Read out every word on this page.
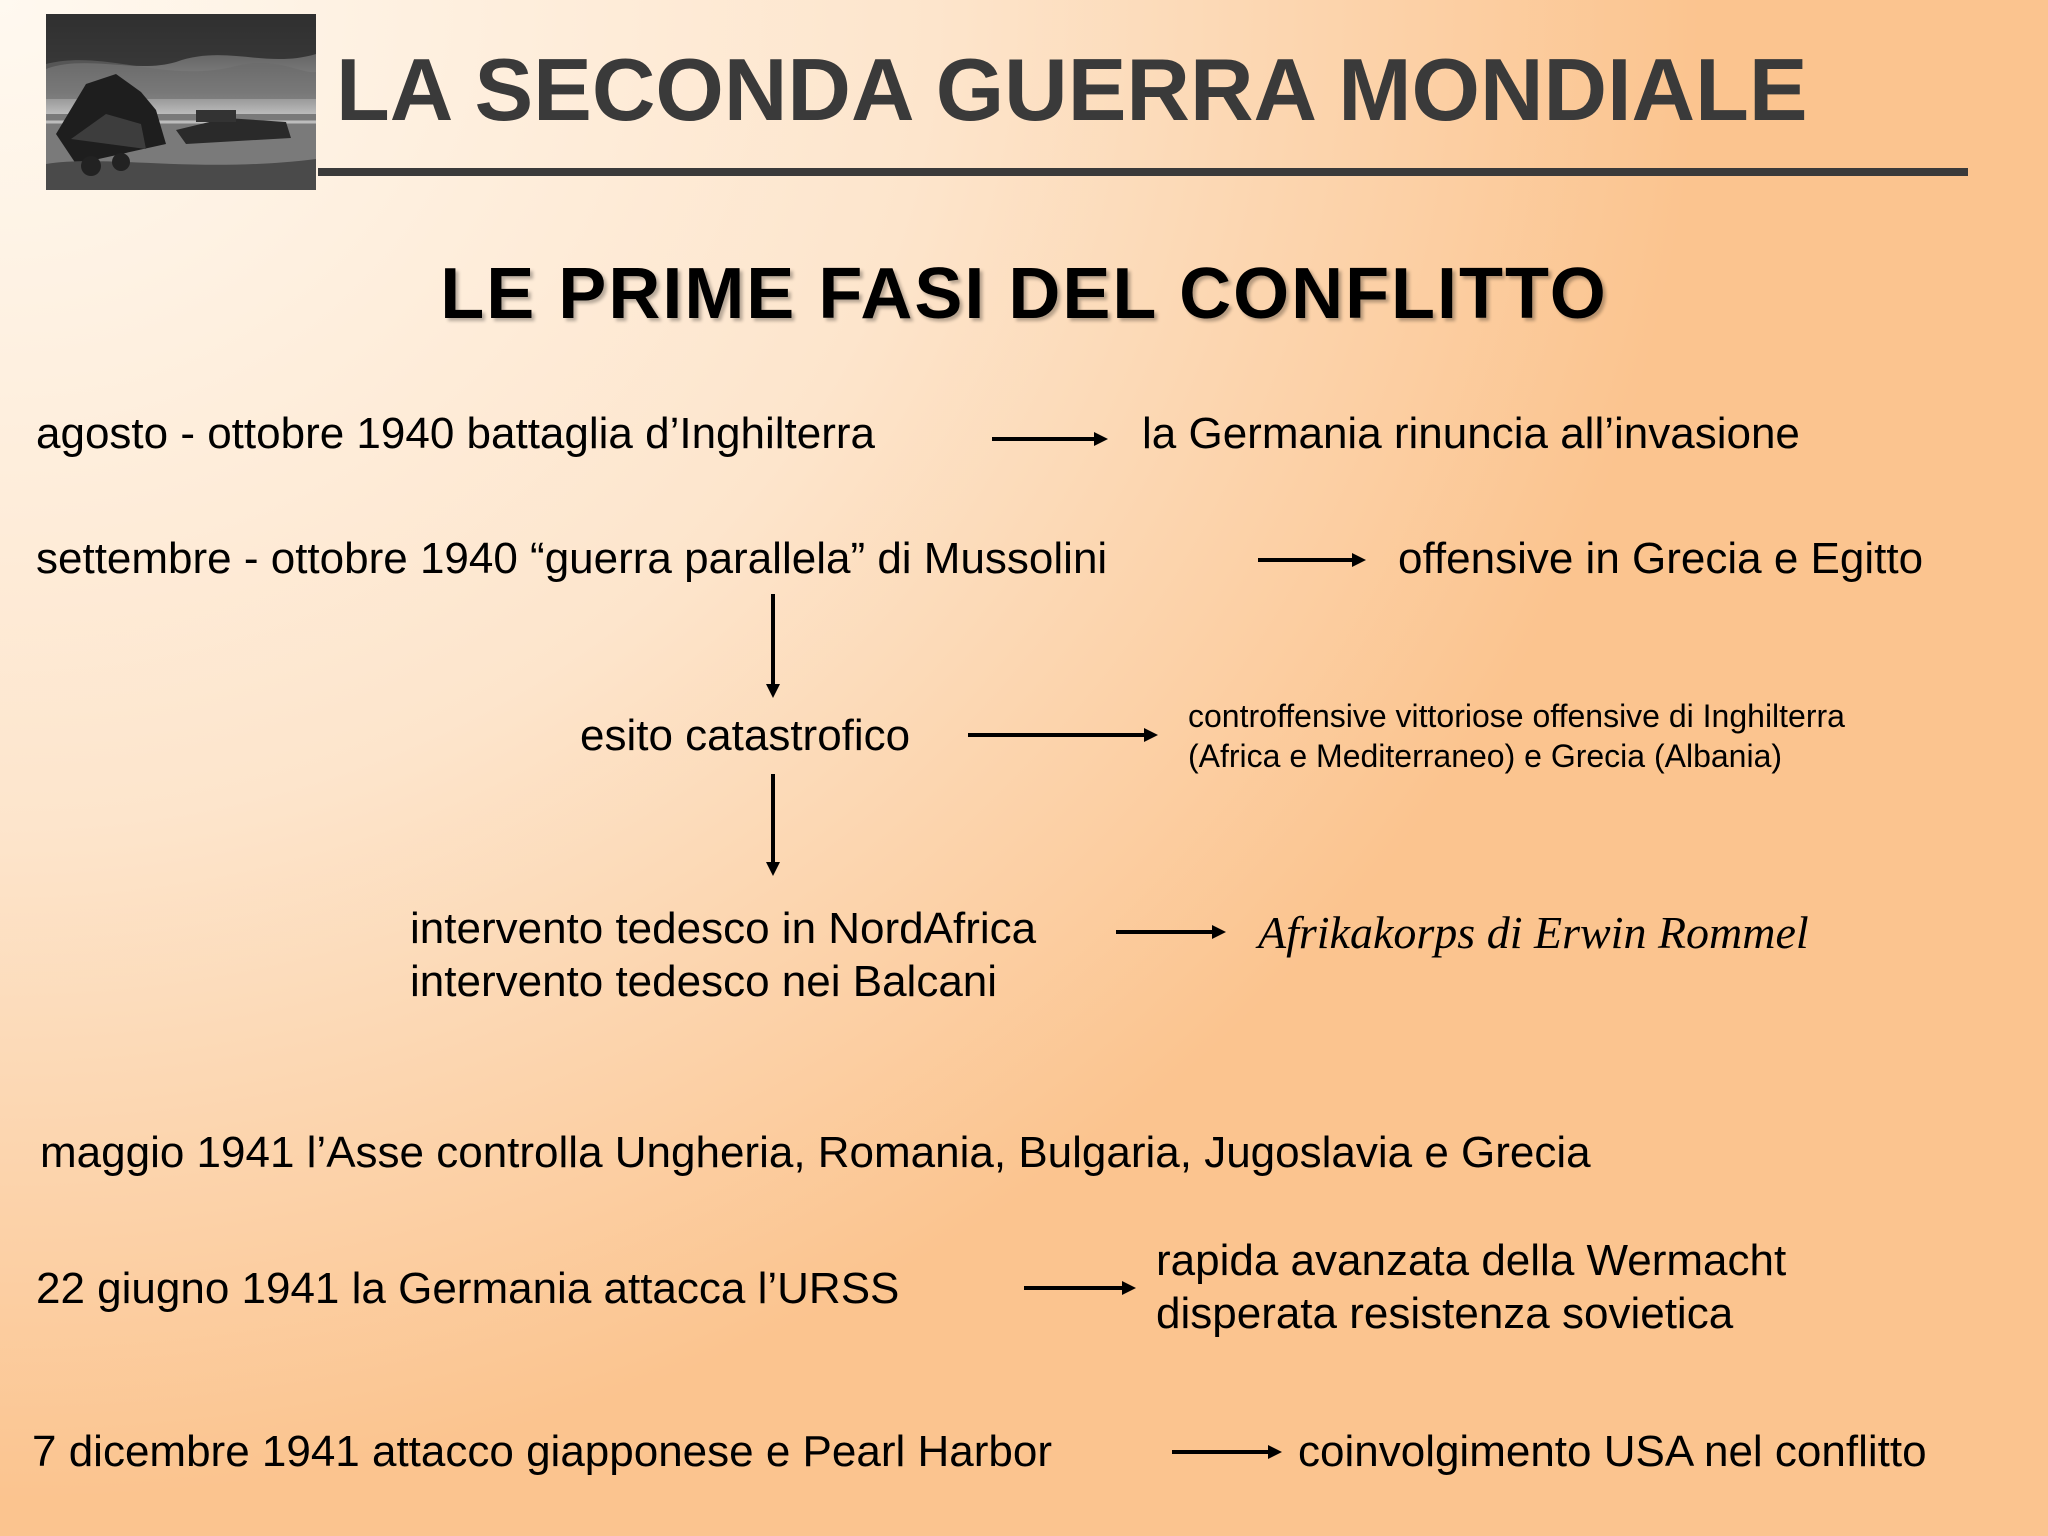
LA SECONDA GUERRA MONDIALE
LE PRIME FASI DEL CONFLITTO
agosto - ottobre 1940 battaglia d’Inghilterra	la Germania rinuncia all’invasione
settembre - ottobre 1940 “guerra parallela” di Mussolini	offensive in Grecia e Egitto
esito catastrofico	controffensive vittoriose offensive di Inghilterra
(Africa e Mediterraneo) e Grecia (Albania)
intervento tedesco in NordAfrica
intervento tedesco nei Balcani
Afrikakorps di Erwin Rommel
maggio 1941 l’Asse controlla Ungheria, Romania, Bulgaria, Jugoslavia e Grecia
22 giugno 1941 la Germania attacca l’URSS
rapida avanzata della Wermacht
disperata resistenza sovietica
7 dicembre 1941 attacco giapponese e Pearl Harbor	coinvolgimento USA nel conflitto
